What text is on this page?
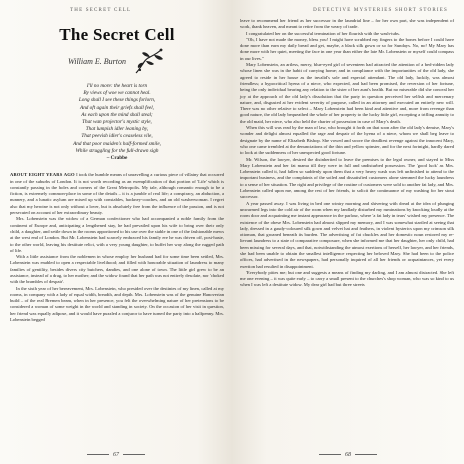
THE SECRET CELL
The Secret Cell
William E. Burton
I'll no more: the heart is torn
By views of woe we cannot heal.
Long shall I see these things forlorn,
And oft again their griefs shall feel,
As each upon the mind shall steal;
That wan projector's mystic style,
That lumpish idler leaning by,
That peevish idler's ceaseless vile,
And that poor maiden's half-formed smile,
While struggling for the full-drawn sigh
– Crabbe

ABOUT EIGHT YEARS AGO I took the humble means of unravelling a curious piece of villainy that occurred in one of the suburbs of London. It is not worth recording as an exemplification of that portion of 'Life' which is constantly passing in the holes and corners of the Great Metropolis. My tale, although romantic enough to be a fiction, is extremely common-place in some of the details – it is a jumble of real life; a conspiracy, an abduction, a nunnery, and a lunatic asylum are mixed up with constables, hackney-coaches, and an old washerwoman. I regret also that my heroine is not only without a lover, but is absolutely free from the influence of the passion, and is not persecuted on account of her extraordinary beauty.

Mrs. Lobenstein was the widow of a German confectioner who had accompanied a noble family from the continent of Europe and, anticipating a lengthened stay, he had prevailed upon his wife to bring over their only child, a daughter, and settle down in the rooms apportioned to his use over the stable in one of the fashionable mews at the west end of London. But Mr. Lobenstein had scarcely embraced his family ere he was driven off, post-haste, to the other world, leaving his destitute relict, with a very young daughter, to buffet her way along the rugged path of life.

With a little assistance from the noblemen in whose employ her husband had for some time been settled, Mrs. Lobenstein was enabled to open a respectable livelihood; and filled with honorable situation of laundress to many families of gentility, besides divers city butchers, dandies, and one alone of town. The little girl grew to be an assistance, instead of a drag, to her mother; and the widow found that her path was not entirely desolate, nor 'choked with the brambles of despair'.

In the sixth year of her bereavement, Mrs. Lobenstein, who presided over the destinies of my linen, called at my rooms, in company with a lady of equal width, breadth, and depth. Mrs. Lobenstein was of the genuine Hanoverian build – of the real Bremen beam, when in her presence, you felt the overwhelming nature of her pretensions to be considered a woman of some weight in the world and standing in society. On the occasion of her visit in question, her friend was equally adipose, and it would have puzzled a conjuror to have turned the party into a halfpenny. Mrs. Lobenstein begged

67
DETECTIVE MYSTERIES SHORT STORIES

leave to recommend her friend as her successor in the laundrial line – for her own part, she was independent of work, thank heaven, and meant to retire from the weary of trade.

I congratulated her on the successful termination of her flourish with the wash-tubs.

"Oh, I have not made the money, bless you! I might have scrubbed my fingers to the bones before I could have done more than earn my daily bread and get, maybe, a black silk gown or so for Sundays. No, no! My Mary has done more with her quiet, meeting the face in one year than either the late Mr. Lobenstein or myself could compass in our lives."

Mary Lobenstein, an artless, merry, blue-eyed girl of seventeen had attracted the attention of a bed-ridden lady whose linen she was in the habit of carrying home; and in compliance with the importunities of the old lady, she agreed to reside in her house as the invalid's sole and especial attendant. The old lady, luckily, was almost friendless; a hypocritical hyena of a niece, who expected, and had been promised, the reversion of her fortune, being the only individual bearing any relation to the sister of her aunt's health. But no miserable did she conceal her joy at the approach of the old lady's dissolution that the party in question perceived her selfish and mercenary nature, and, disgusted at her evident severity of purpose, called in an attorney and executed an entirely new will. There was no other relative to select – Mary Lobenstein had been kind and attentive and, more from revenge than good nature, the old lady bequeathed the whole of her property to the lucky little girl, excepting a trifling annuity to the old maid, her niece, who also held the charter of possession in case of Mary's death.

When this will was read by the man of law, who brought it forth on that soon after the old lady's demise, Mary's wonder and delight almost equalled the rage and despair of the hyena of a niece, whom we shall beg leave to designate by the name of Elizabeth Bishop. She vowed and swore the deadliest revenge against the innocent Mary, who one came trembled at the denunciations of the thin and yellow spinster, and for the next fortnight, hardly dared to look at the suddenness of her unexpected good fortune.

Mr. Wilson, the lawyer, desired the disinherited to leave the premises to the legal owner, and stayed to Miss Mary Lobenstein and her fat mama till they were in full and undisturbed possession. The 'good luck' as Mrs. Lobenstein called it, had fallen so suddenly upon them that a very heavy wash was left unfinished to attend to the important business, and the complaints of the soiled and dissatisfied customers alone stemmed the lucky laundress to a sense of her situation. The right and privilege of the routine of customers were sold to another fat lady, and Mrs. Lobenstein called upon me, among the rest of her friends, to solicit the continuance of my washing for her stout successor.

A year passed away. I was living in bed one wintry morning and shivering with dread at the idea of plunging unwarmed legs into the cold air of the room when my landlady disturbed my ruminations by knocking loudly at the room door and acquainting me instant appearance in the parlour, where 'a fat lady in tears' wished my presence. The existence of the obese Mrs. Lobenstein had almost slipped my memory, and I was somewhat startled at seeing that lady, dressed in a gaudy-coloured silk gown and velvet hat and feathers, in violent hysterics upon my crimson silk ottoman, that groaned beneath its burden. The advertising of fat chuckles and her domestic noun restored my re-lievant laundress to a state of comparative composure, when she informed me that her daughter, her only child, had been missing for several days, and that, notwithstanding the utmost exertions of herself, her lawyer, and her friends, she had been unable to obtain the smallest intelligence respecting her beloved Mary. She had been to the police offices, had advertised in the newspapers, had personally inquired of all her friends or acquaintances, yet every exertion had resulted in disappointment.

'Everybody pities me; but one and suggests a means of finding my darling, and I am almost distracted. She left me one evening – it was quite early – to carry a small present to the churches's shop woman, who was so kind to us when I was left a destitute widow. My dear girl had but three streets

68
